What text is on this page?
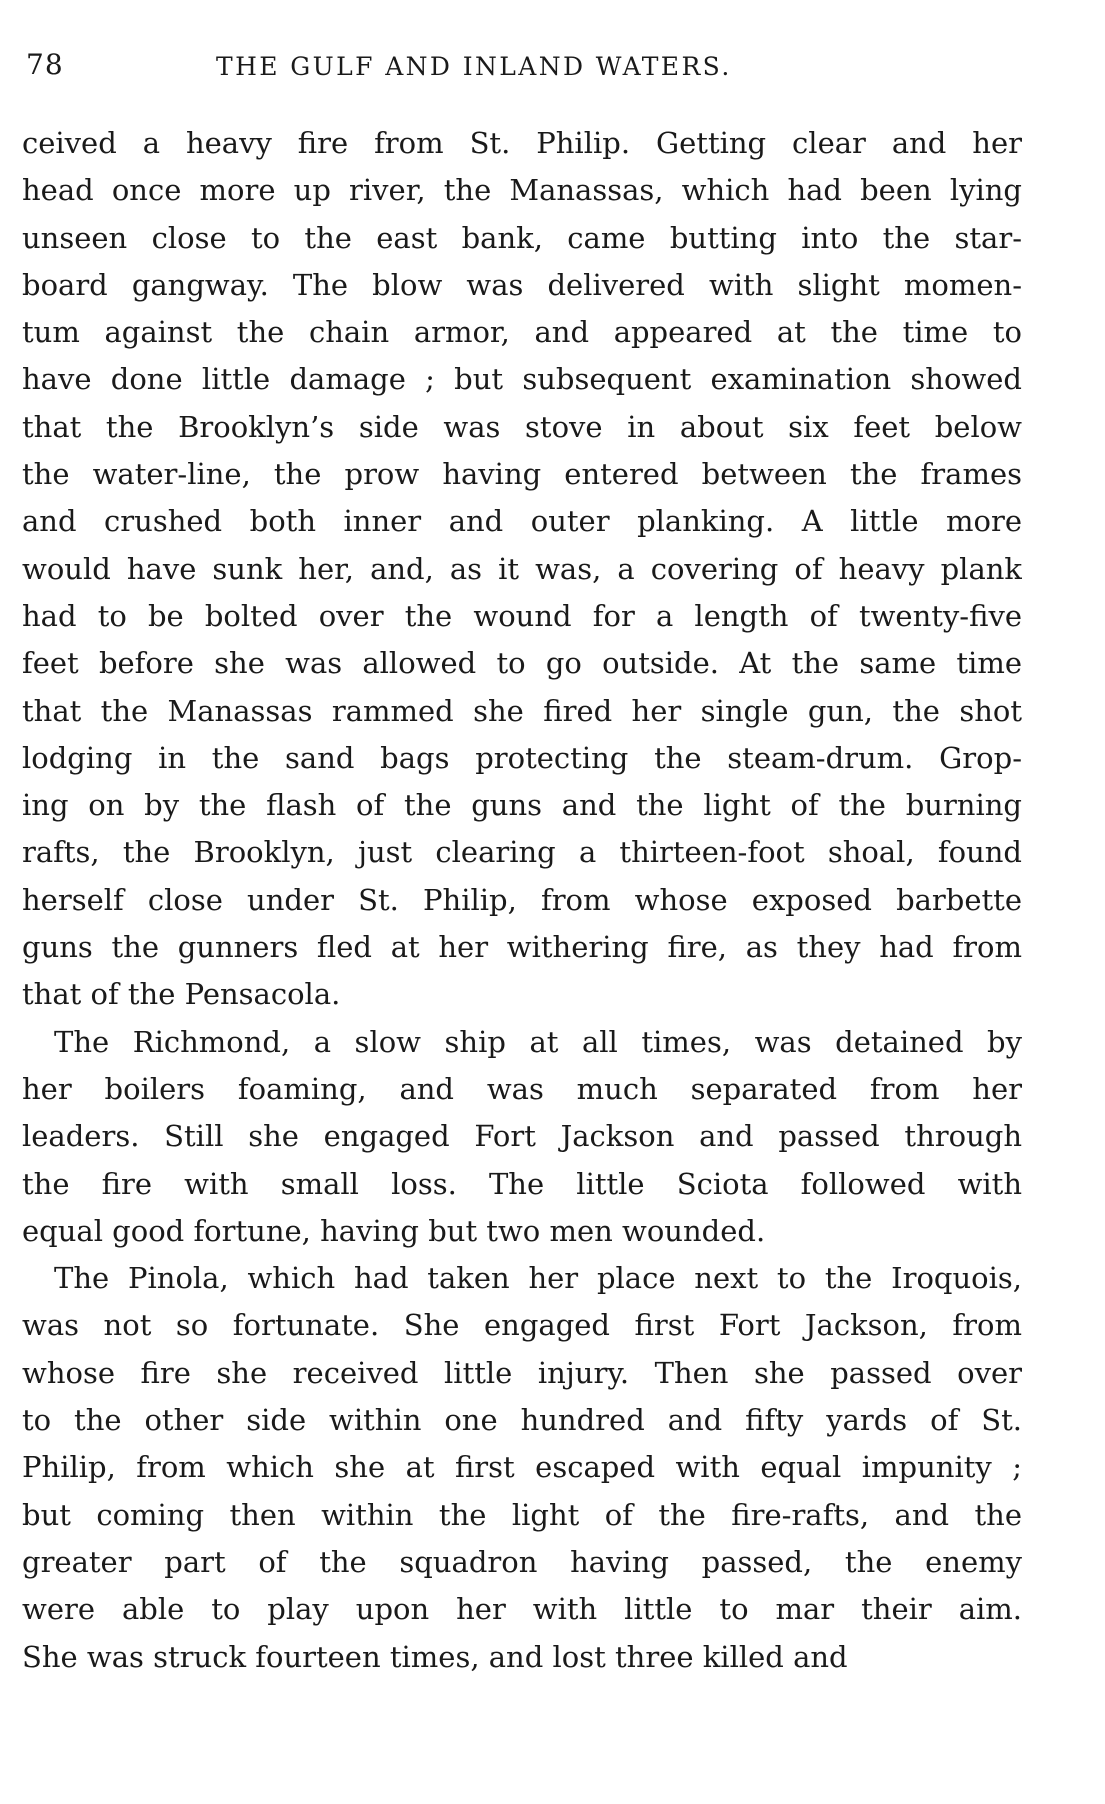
78	THE GULF AND INLAND WATERS.
ceived a heavy fire from St. Philip. Getting clear and her
head once more up river, the Manassas, which had been lying
unseen close to the east bank, came butting into the star-
board gangway. The blow was delivered with slight momen-
tum against the chain armor, and appeared at the time to
have done little damage ; but subsequent examination showed
that the Brooklyn’s side was stove in about six feet below
the water-line, the prow having entered between the frames
and crushed both inner and outer planking. A little more
would have sunk her, and, as it was, a covering of heavy plank
had to be bolted over the wound for a length of twenty-five
feet before she was allowed to go outside. At the same time
that the Manassas rammed she fired her single gun, the shot
lodging in the sand bags protecting the steam-drum. Grop-
ing on by the flash of the guns and the light of the burning
rafts, the Brooklyn, just clearing a thirteen-foot shoal, found
herself close under St. Philip, from whose exposed barbette
guns the gunners fled at her withering fire, as they had from
that of the Pensacola.
The Richmond, a slow ship at all times, was detained by
her boilers foaming, and was much separated from her
leaders. Still she engaged Fort Jackson and passed through
the fire with small loss. The little Sciota followed with
equal good fortune, having but two men wounded.
The Pinola, which had taken her place next to the Iroquois,
was not so fortunate. She engaged first Fort Jackson, from
whose fire she received little injury. Then she passed over
to the other side within one hundred and fifty yards of St.
Philip, from which she at first escaped with equal impunity ;
but coming then within the light of the fire-rafts, and the
greater part of the squadron having passed, the enemy
were able to play upon her with little to mar their aim.
She was struck fourteen times, and lost three killed and
